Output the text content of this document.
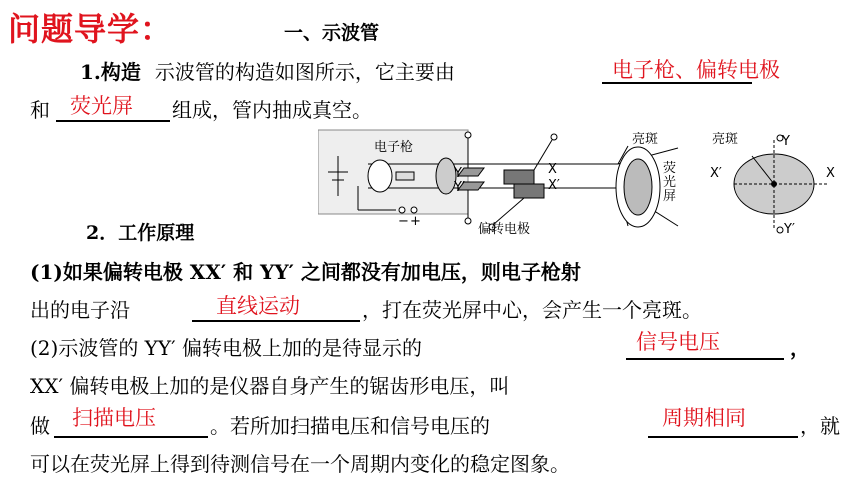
问题导学：	一、示波管
1.构造 示波管的构造如图所示，它主要由	电子枪、偏转电极
和 荧光屏 组成，管内抽成真空。
电子枪
偏转电极
亮斑	亮斑
荧光屏
Y
Y′
X
X′
Y
Y′
X′	X
− +
2．工作原理
(1)如果偏转电极 XX′ 和 YY′ 之间都没有加电压，则电子枪射
出的电子沿	直线运动	，打在荧光屏中心，会产生一个亮斑。
(2)示波管的 YY′ 偏转电极上加的是待显示的	信号电压	，
XX′ 偏转电极上加的是仪器自身产生的锯齿形电压，叫
做 扫描电压	。若所加扫描电压和信号电压的	周期相同	，就
可以在荧光屏上得到待测信号在一个周期内变化的稳定图象。
